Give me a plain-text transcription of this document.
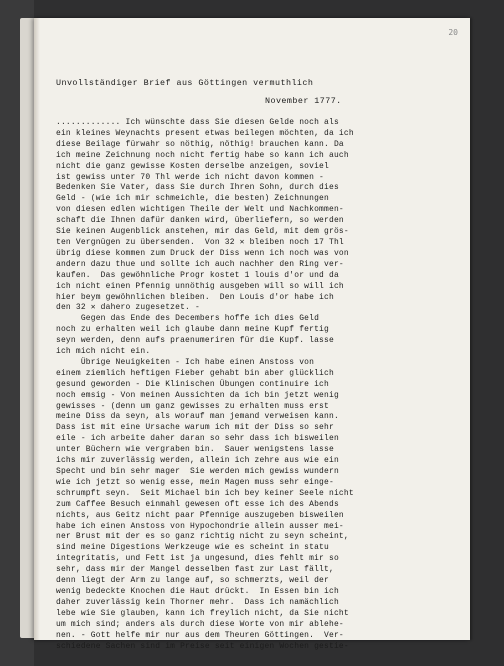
20
Unvollständiger Brief aus Göttingen vermuthlich
November 1777.
............. Ich wünschte dass Sie diesen Gelde noch als
ein kleines Weynachts present etwas beilegen möchten, da ich
diese Beilage fürwahr so nöthig, nöthig! brauchen kann. Da
ich meine Zeichnung noch nicht fertig habe so kann ich auch
nicht die ganz gewisse Kosten derselbe anzeigen, soviel
ist gewiss unter 70 Thl werde ich nicht davon kommen -
Bedenken Sie Vater, dass Sie durch Ihren Sohn, durch dies
Geld - (wie ich mir schmeichle, die besten) Zeichnungen
von diesen edlen wichtigen Theile der Welt und Nachkommen-
schaft die Ihnen dafür danken wird, überliefern, so werden
Sie keinen Augenblick anstehen, mir das Geld, mit dem grös-
ten Vergnügen zu übersenden.  Von 32 ✕ bleiben noch 17 Thl
übrig diese kommen zum Druck der Diss wenn ich noch was von
andern dazu thue und sollte ich auch nachher den Ring ver-
kaufen.  Das gewöhnliche Progr kostet 1 louis d'or und da
ich nicht einen Pfennig unnöthig ausgeben will so will ich
hier beym gewöhnlichen bleiben.  Den Louis d'or habe ich
den 32 ✕ dahero zugesetzet. -
Gegen das Ende des Decembers hoffe ich dies Geld
noch zu erhalten weil ich glaube dann meine Kupf fertig
seyn werden, denn aufs praenumeriren für die Kupf. lasse
ich mich nicht ein.
Übrige Neuigkeiten - Ich habe einen Anstoss von
einem ziemlich heftigen Fieber gehabt bin aber glücklich
gesund geworden - Die Klinischen Übungen continuire ich
noch emsig - Von meinen Aussichten da ich bin jetzt wenig
gewisses - (denn um ganz gewisses zu erhalten muss erst
meine Diss da seyn, als worauf man jemand verweisen kann.
Dass ist mit eine Ursache warum ich mit der Diss so sehr
eile - ich arbeite daher daran so sehr dass ich bisweilen
unter Büchern wie vergraben bin.  Sauer wenigstens lasse
ichs mir zuverlässig werden, allein ich zehre aus wie ein
Specht und bin sehr mager  Sie werden mich gewiss wundern
wie ich jetzt so wenig esse, mein Magen muss sehr einge-
schrumpft seyn.  Seit Michael bin ich bey keiner Seele nicht
zum Caffee Besuch einmahl gewesen oft esse ich des Abends
nichts, aus Geitz nicht paar Pfennige auszugeben bisweilen
habe ich einen Anstoss von Hypochondrie allein ausser mei-
ner Brust mit der es so ganz richtig nicht zu seyn scheint,
sind meine Digestions Werkzeuge wie es scheint in statu
integritatis, und Fett ist ja ungesund, dies fehlt mir so
sehr, dass mir der Mangel desselben fast zur Last fällt,
denn liegt der Arm zu lange auf, so schmerzts, weil der
wenig bedeckte Knochen die Haut drückt.  In Essen bin ich
daher zuverlässig kein Thorner mehr.  Dass ich namächlich
lebe wie Sie glauben, kann ich freylich nicht, da Sie nicht
um mich sind; anders als durch diese Worte von mir ablehe-
nen. - Gott helfe mir nur aus dem Theuren Göttingen.  Ver-
schiedene Sachen sind im Preise seit einigen Wochen gestie-
